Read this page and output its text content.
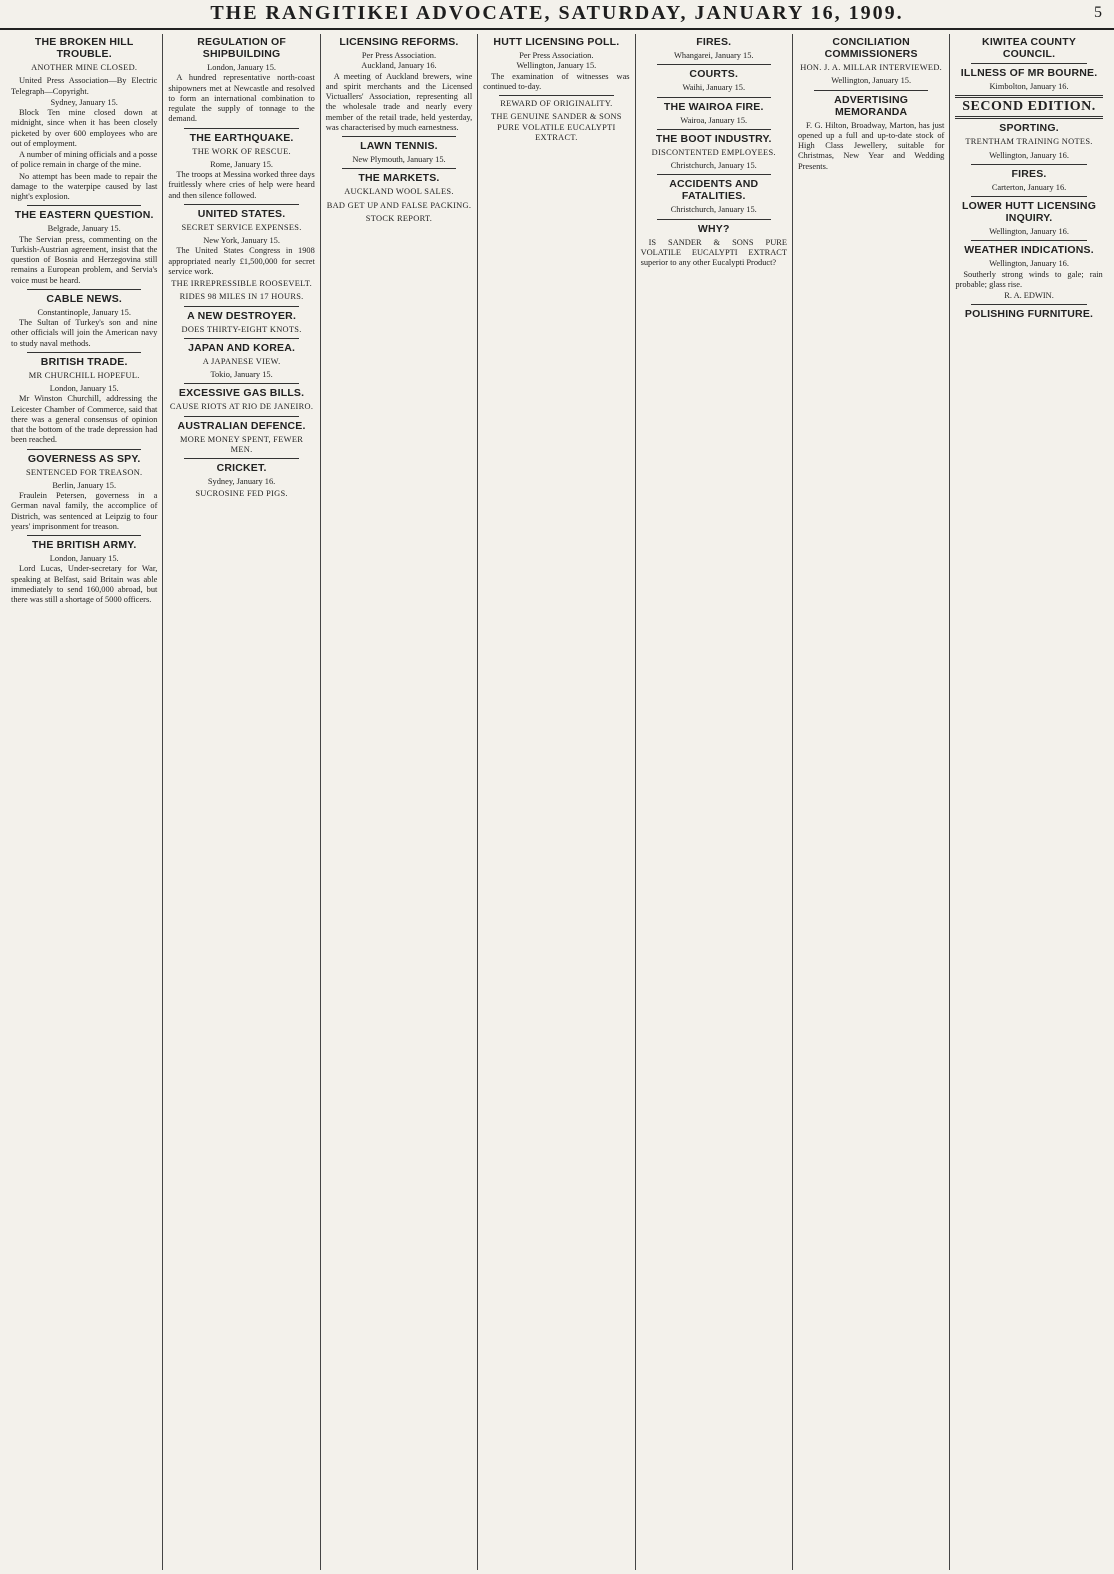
THE RANGITIKEI ADVOCATE, SATURDAY, JANUARY 16, 1909.	5
THE BROKEN HILL TROUBLE.
ANOTHER MINE CLOSED.
United Press Association—By Electric Telegraph—Copyright.
Sydney, January 15.
Block Ten mine closed down at midnight, since when it has been closely picketed by over 600 employees who are out of employment.
A number of mining officials and a posse of police remain in charge of the mine.
No attempt has been made to repair the damage to the waterpipe caused by last night's explosion.
THE EASTERN QUESTION.
Belgrade, January 15.
The Servian press, commenting on the Turkish-Austrian agreement, insist that the question of Bosnia and Herzegovina still remains a European problem, and Servia's voice must be heard.
CABLE NEWS.
Constantinople, January 15.
The Sultan of Turkey's son and nine other officials will join the American navy to study naval methods.
BRITISH TRADE.
MR CHURCHILL HOPEFUL.
London, January 15.
Mr Winston Churchill, addressing the Leicester Chamber of Commerce, said that there was a general consensus of opinion that the bottom of the trade depression had been reached.
GOVERNESS AS SPY.
SENTENCED FOR TREASON.
Berlin, January 15.
Fraulein Petersen, governess in a German naval family, the accomplice of Districh, was sentenced at Leipzig to four years' imprisonment for treason.
THE BRITISH ARMY.
London, January 15.
Lord Lucas, Under-secretary for War, speaking at Belfast, said Britain was able immediately to send 160,000 abroad, but there was still a shortage of 5000 officers.
REGULATION OF SHIPBUILDING
London, January 15.
A hundred representative north-coast shipowners met at Newcastle and resolved to form an international combination to regulate the supply of tonnage to the demand.
THE EARTHQUAKE.
THE WORK OF RESCUE.
Rome, January 15.
The troops at Messina worked three days fruitlessly where cries of help were heard and then silence followed.
UNITED STATES.
SECRET SERVICE EXPENSES.
New York, January 15.
The United States Congress in 1908 appropriated nearly £1,500,000 for secret service work.
THE IRREPRESSIBLE ROOSEVELT.
RIDES 98 MILES IN 17 HOURS.
A NEW DESTROYER.
DOES THIRTY-EIGHT KNOTS.
JAPAN AND KOREA.
A JAPANESE VIEW.
Tokio, January 15.
EXCESSIVE GAS BILLS.
CAUSE RIOTS AT RIO DE JANEIRO.
AUSTRALIAN DEFENCE.
MORE MONEY SPENT, FEWER MEN.
CRICKET.
Sydney, January 16.
SUCROSINE FED PIGS.
LICENSING REFORMS.
Per Press Association.
Auckland, January 16.
A meeting of Auckland brewers, wine and spirit merchants and the Licensed Victuallers' Association, representing all the wholesale trade and nearly every member of the retail trade, held yesterday, was characterised by much earnestness.
LAWN TENNIS.
New Plymouth, January 15.
THE MARKETS.
AUCKLAND WOOL SALES.
BAD GET UP AND FALSE PACKING.
STOCK REPORT.
HUTT LICENSING POLL.
Per Press Association.
Wellington, January 15.
The examination of witnesses was continued to-day.
REWARD OF ORIGINALITY.
THE GENUINE SANDER & SONS PURE VOLATILE EUCALYPTI EXTRACT.
FIRES.
Whangarei, January 15.
COURTS.
Waihi, January 15.
THE WAIROA FIRE.
Wairoa, January 15.
THE BOOT INDUSTRY.
DISCONTENTED EMPLOYEES.
Christchurch, January 15.
ACCIDENTS AND FATALITIES.
Christchurch, January 15.
WHY?
IS SANDER & SONS PURE VOLATILE EUCALYPTI EXTRACT superior to any other Eucalypti Product?
CONCILIATION COMMISSIONERS
HON. J. A. MILLAR INTERVIEWED.
Wellington, January 15.
ADVERTISING MEMORANDA
F. G. Hilton, Broadway, Marton, has just opened up a full and up-to-date stock of High Class Jewellery, suitable for Christmas, New Year and Wedding Presents.
KIWITEA COUNTY COUNCIL.
ILLNESS OF MR BOURNE.
Kimbolton, January 16.
SECOND EDITION.
SPORTING.
TRENTHAM TRAINING NOTES.
Wellington, January 16.
FIRES.
Carterton, January 16.
LOWER HUTT LICENSING INQUIRY.
Wellington, January 16.
WEATHER INDICATIONS.
Wellington, January 16.
Southerly strong winds to gale; rain probable; glass rise.
R. A. EDWIN.
POLISHING FURNITURE.
